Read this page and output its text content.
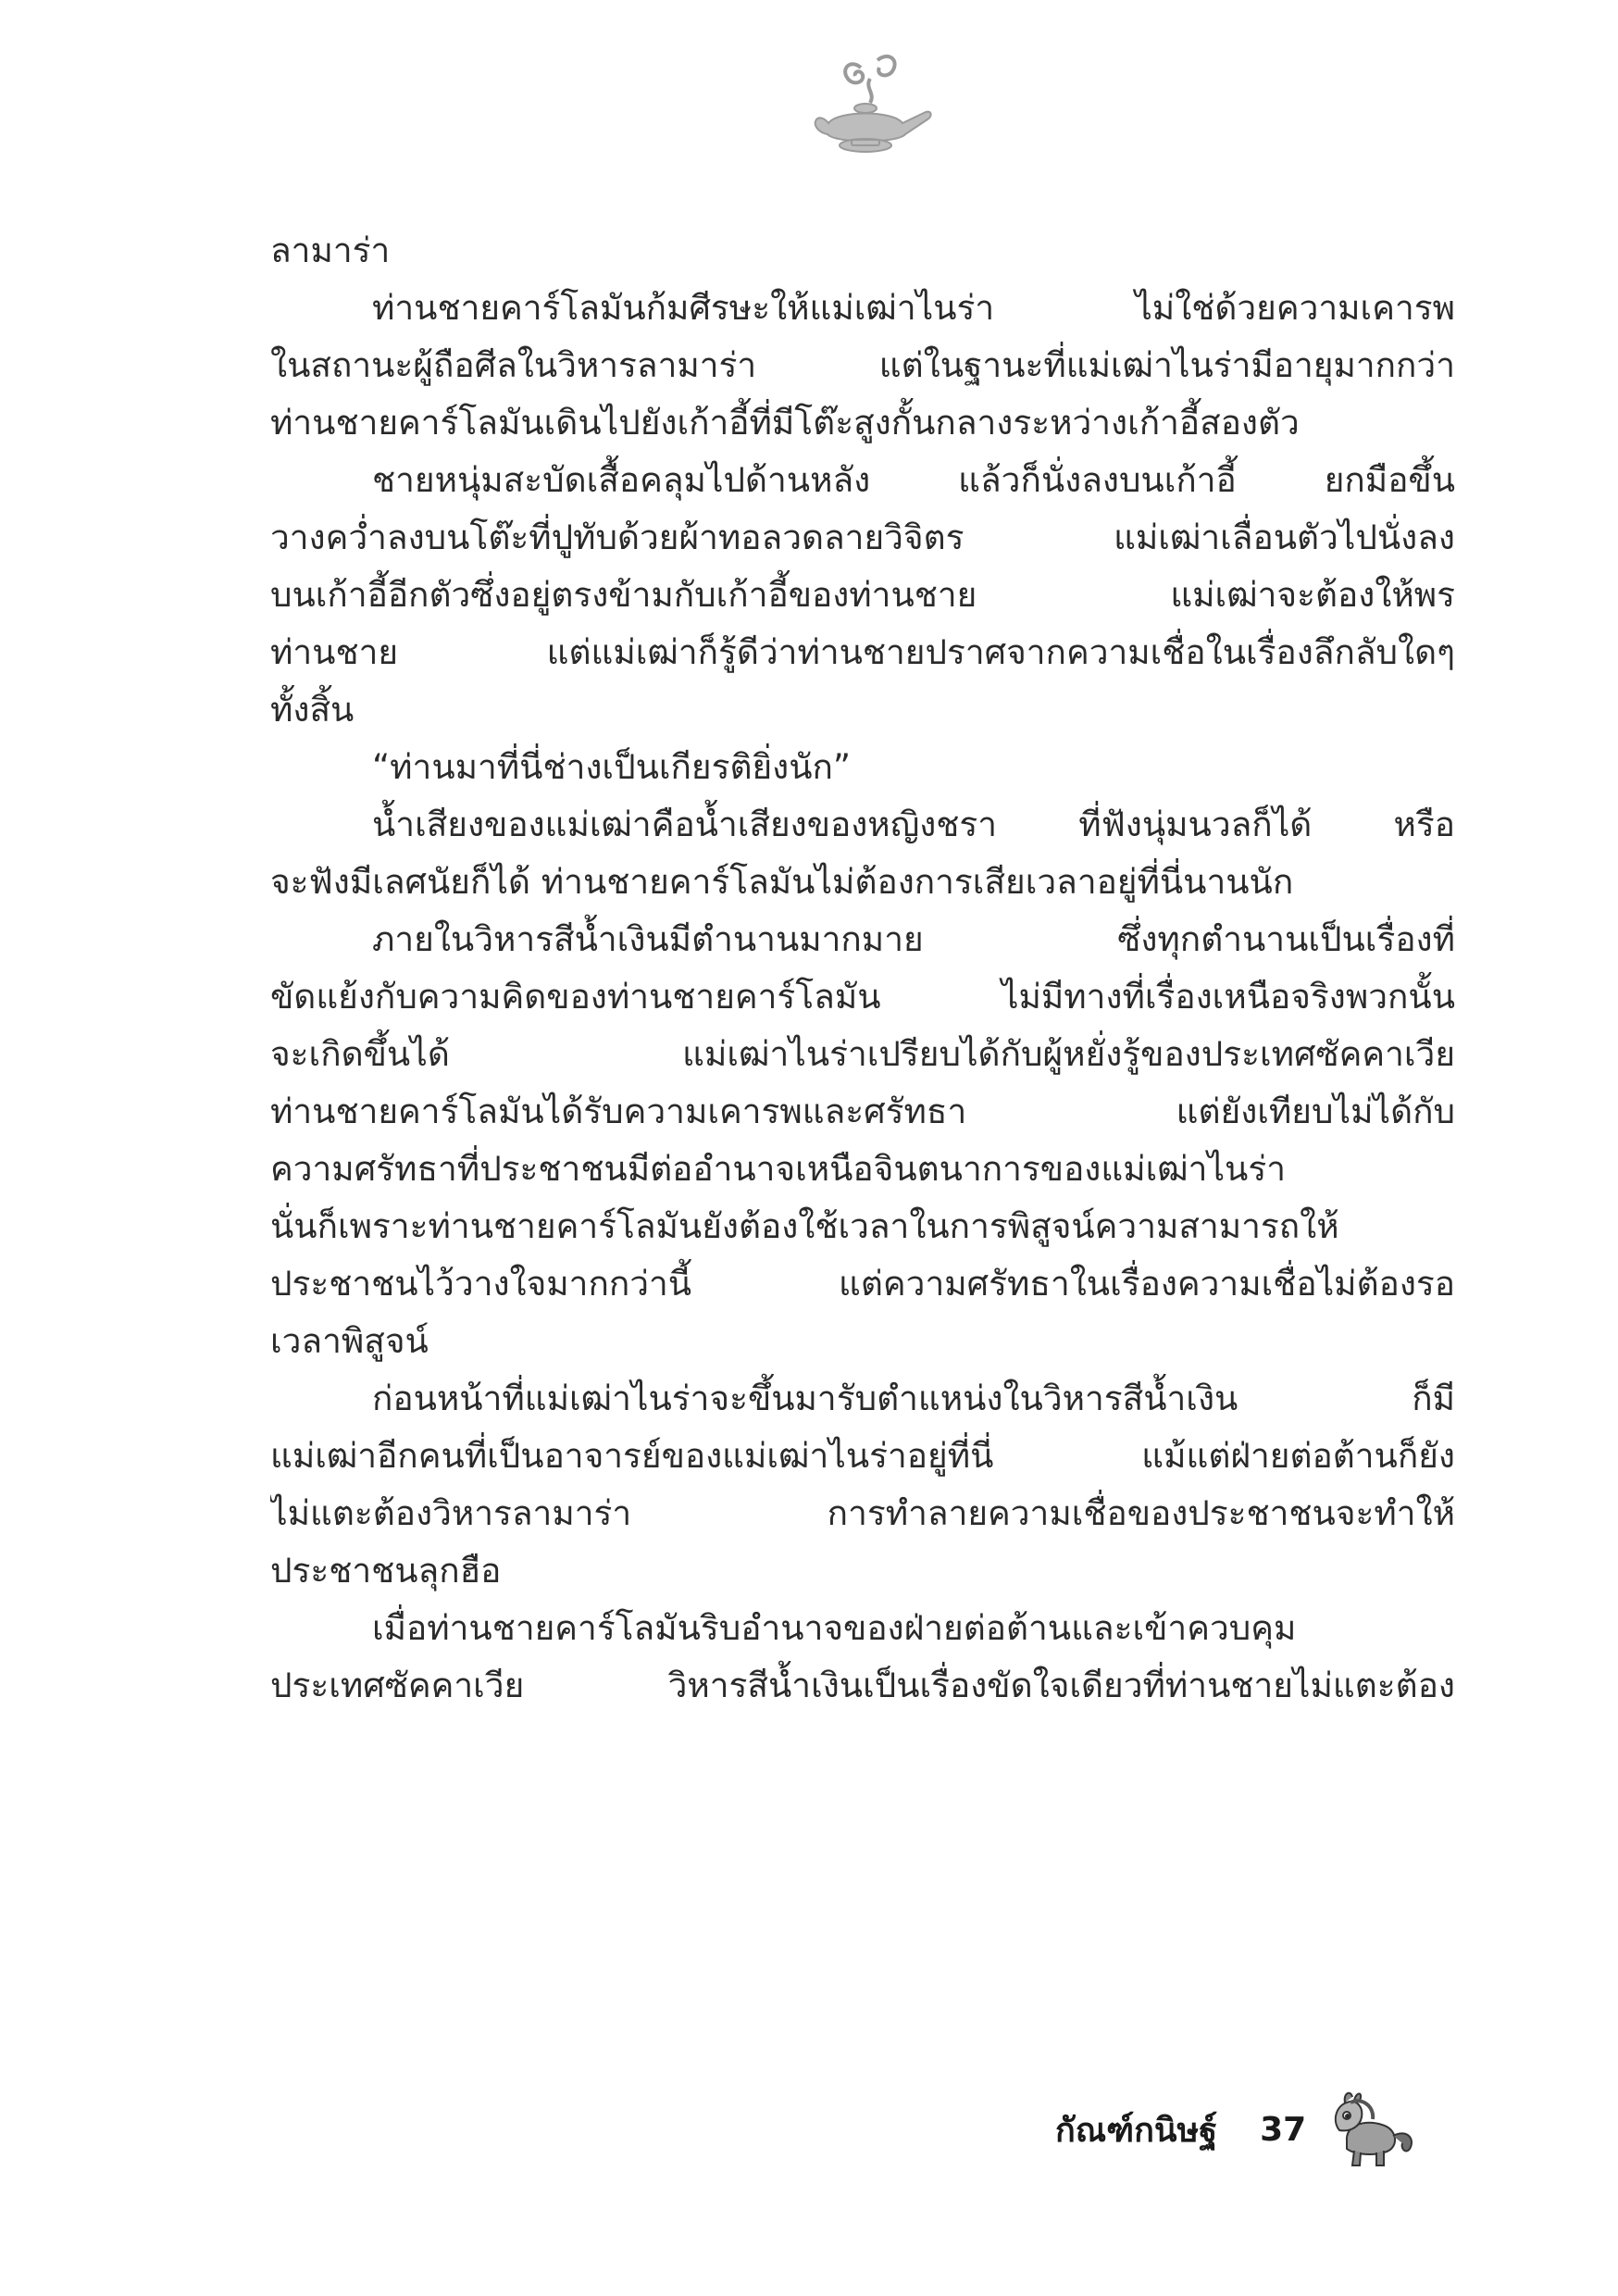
ลามาร่า
ท่านชายคาร์โลมันก้มศีรษะให้แม่เฒ่าไนร่า ไม่ใช่ด้วยความเคารพ
ในสถานะผู้ถือศีลในวิหารลามาร่า แต่ในฐานะที่แม่เฒ่าไนร่ามีอายุมากกว่า
ท่านชายคาร์โลมันเดินไปยังเก้าอี้ที่มีโต๊ะสูงกั้นกลางระหว่างเก้าอี้สองตัว
ชายหนุ่มสะบัดเสื้อคลุมไปด้านหลัง แล้วก็นั่งลงบนเก้าอี้ ยกมือขึ้น
วางคว่ำลงบนโต๊ะที่ปูทับด้วยผ้าทอลวดลายวิจิตร แม่เฒ่าเลื่อนตัวไปนั่งลง
บนเก้าอี้อีกตัวซึ่งอยู่ตรงข้ามกับเก้าอี้ของท่านชาย แม่เฒ่าจะต้องให้พร
ท่านชาย แต่แม่เฒ่าก็รู้ดีว่าท่านชายปราศจากความเชื่อในเรื่องลึกลับใดๆ
ทั้งสิ้น
“ท่านมาที่นี่ช่างเป็นเกียรติยิ่งนัก”
น้ำเสียงของแม่เฒ่าคือน้ำเสียงของหญิงชรา ที่ฟังนุ่มนวลก็ได้ หรือ
จะฟังมีเลศนัยก็ได้ ท่านชายคาร์โลมันไม่ต้องการเสียเวลาอยู่ที่นี่นานนัก
ภายในวิหารสีน้ำเงินมีตำนานมากมาย ซึ่งทุกตำนานเป็นเรื่องที่
ขัดแย้งกับความคิดของท่านชายคาร์โลมัน ไม่มีทางที่เรื่องเหนือจริงพวกนั้น
จะเกิดขึ้นได้ แม่เฒ่าไนร่าเปรียบได้กับผู้หยั่งรู้ของประเทศซัคคาเวีย
ท่านชายคาร์โลมันได้รับความเคารพและศรัทธา แต่ยังเทียบไม่ได้กับ
ความศรัทธาที่ประชาชนมีต่ออำนาจเหนือจินตนาการของแม่เฒ่าไนร่า
นั่นก็เพราะท่านชายคาร์โลมันยังต้องใช้เวลาในการพิสูจน์ความสามารถให้
ประชาชนไว้วางใจมากกว่านี้ แต่ความศรัทธาในเรื่องความเชื่อไม่ต้องรอ
เวลาพิสูจน์
ก่อนหน้าที่แม่เฒ่าไนร่าจะขึ้นมารับตำแหน่งในวิหารสีน้ำเงิน ก็มี
แม่เฒ่าอีกคนที่เป็นอาจารย์ของแม่เฒ่าไนร่าอยู่ที่นี่ แม้แต่ฝ่ายต่อต้านก็ยัง
ไม่แตะต้องวิหารลามาร่า การทำลายความเชื่อของประชาชนจะทำให้
ประชาชนลุกฮือ
เมื่อท่านชายคาร์โลมันริบอำนาจของฝ่ายต่อต้านและเข้าควบคุม
ประเทศซัคคาเวีย วิหารสีน้ำเงินเป็นเรื่องขัดใจเดียวที่ท่านชายไม่แตะต้อง
กัณฑ์กนิษฐ์ 37
